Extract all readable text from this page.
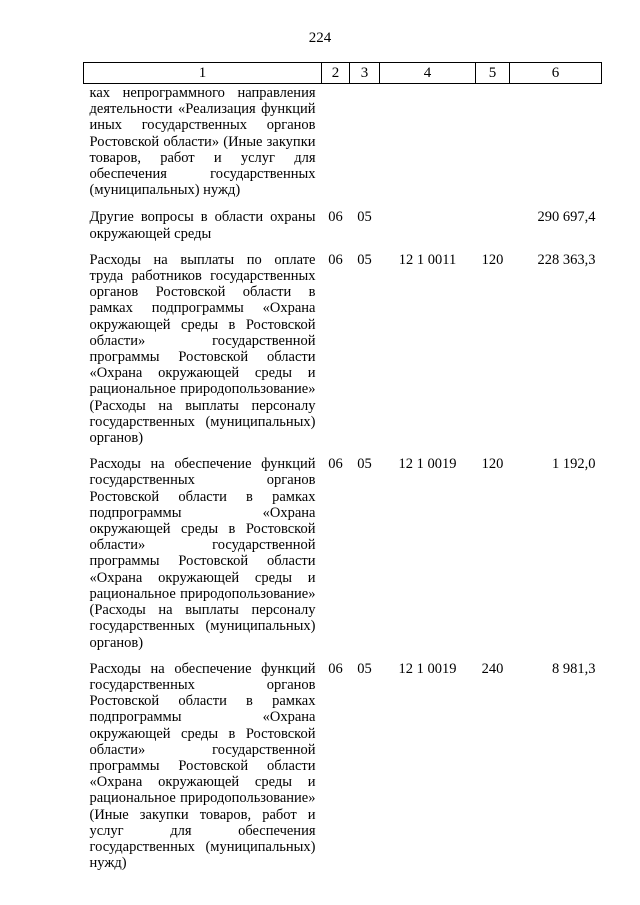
224
1	2	3	4	5	6
ках непрограммного направления деятельности «Реализация функций иных государственных органов Ростовской области» (Иные закупки товаров, работ и услуг для обеспечения государственных (муниципальных) нужд)					
Другие вопросы в области охраны окружающей среды	06	05			290 697,4
Расходы на выплаты по оплате труда работников государственных органов Ростовской области в рамках подпрограммы «Охрана окружающей среды в Ростовской области» государственной программы Ростовской области «Охрана окружающей среды и рациональное природопользование» (Расходы на выплаты персоналу государственных (муниципальных) органов)	06	05	12 1 0011	120	228 363,3
Расходы на обеспечение функций государственных органов Ростовской области в рамках подпрограммы «Охрана окружающей среды в Ростовской области» государственной программы Ростовской области «Охрана окружающей среды и рациональное природопользование» (Расходы на выплаты персоналу государственных (муниципальных) органов)	06	05	12 1 0019	120	1 192,0
Расходы на обеспечение функций государственных органов Ростовской области в рамках подпрограммы «Охрана окружающей среды в Ростовской области» государственной программы Ростовской области «Охрана окружающей среды и рациональное природопользование» (Иные закупки товаров, работ и услуг для обеспечения государственных (муниципальных) нужд)	06	05	12 1 0019	240	8 981,3
